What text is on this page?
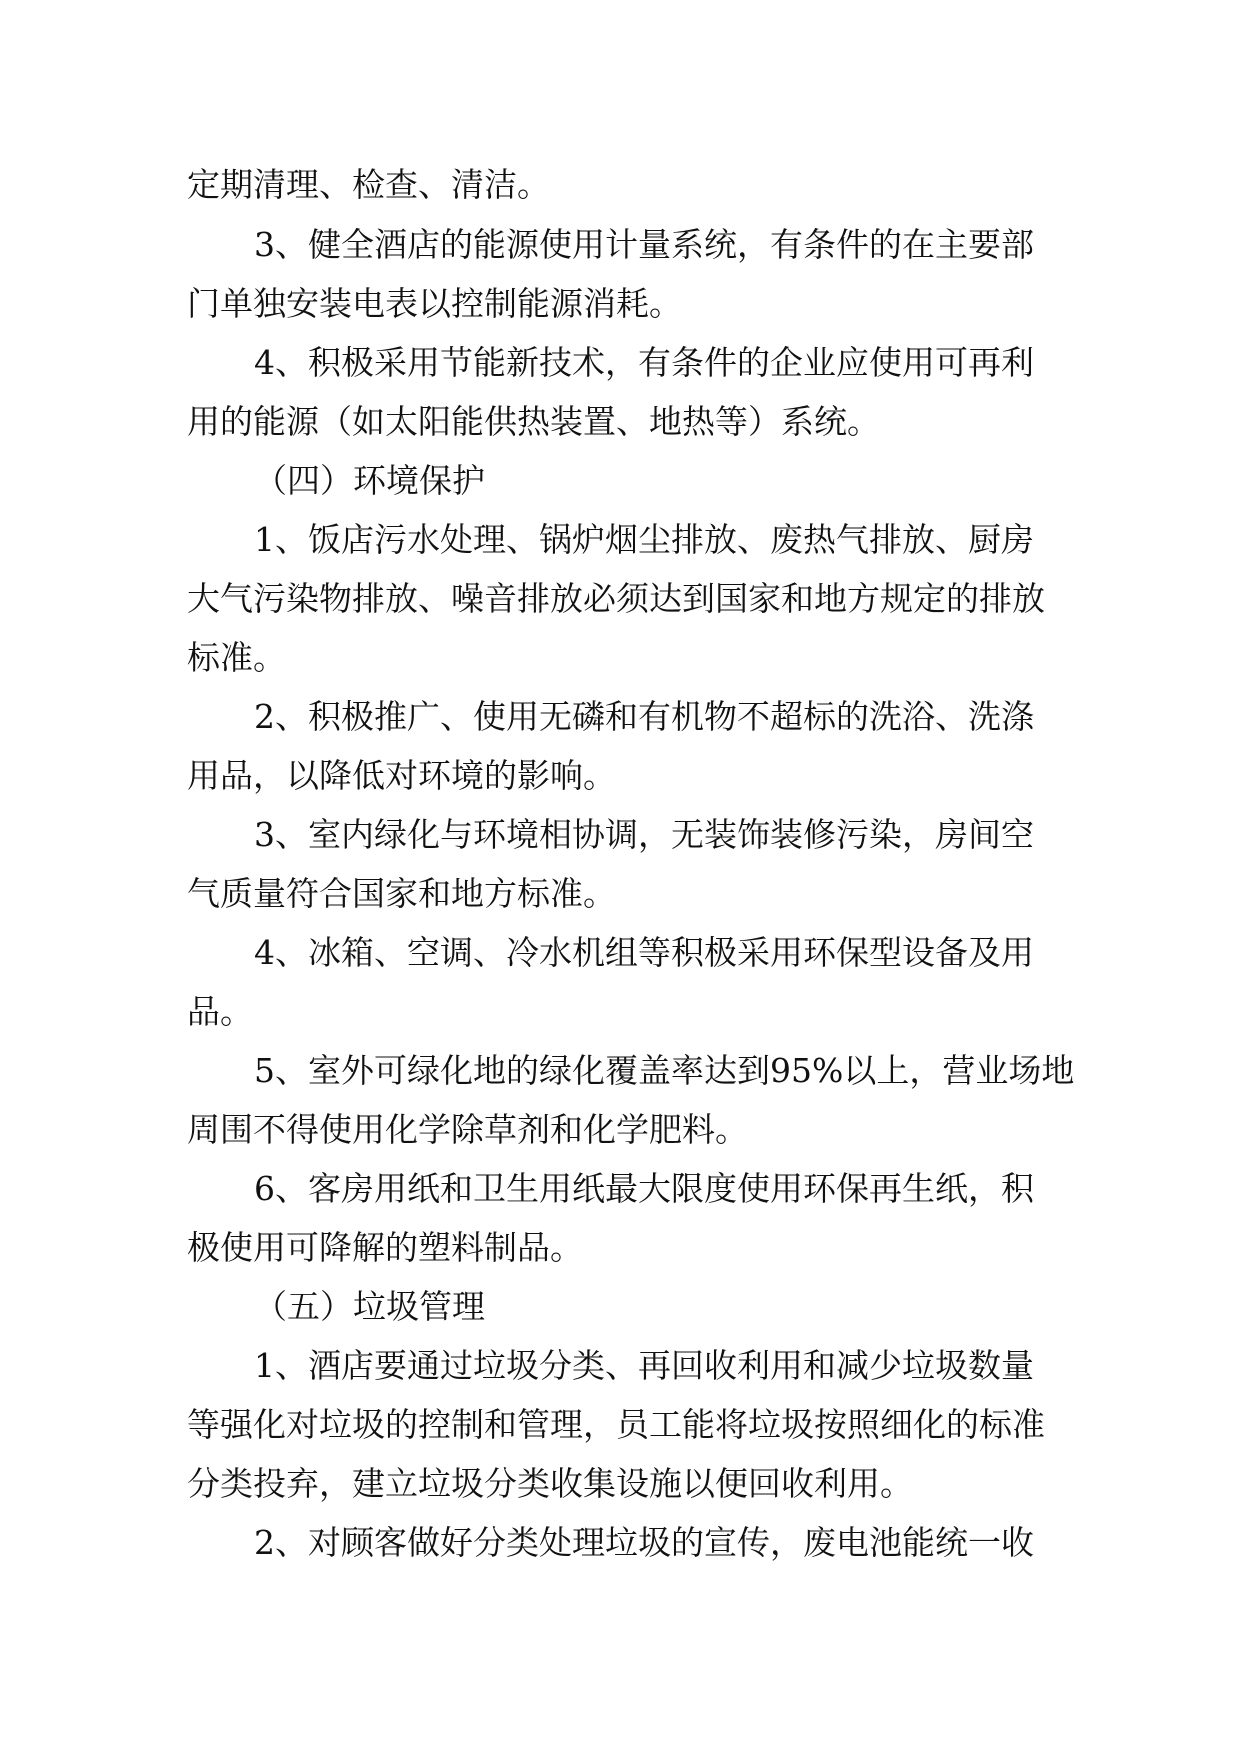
定期清理、检查、清洁。
3、健全酒店的能源使用计量系统，有条件的在主要部
门单独安装电表以控制能源消耗。
4、积极采用节能新技术，有条件的企业应使用可再利
用的能源（如太阳能供热装置、地热等）系统。
（四）环境保护
1、饭店污水处理、锅炉烟尘排放、废热气排放、厨房
大气污染物排放、噪音排放必须达到国家和地方规定的排放
标准。
2、积极推广、使用无磷和有机物不超标的洗浴、洗涤
用品，以降低对环境的影响。
3、室内绿化与环境相协调，无装饰装修污染，房间空
气质量符合国家和地方标准。
4、冰箱、空调、冷水机组等积极采用环保型设备及用
品。
5、室外可绿化地的绿化覆盖率达到95%以上，营业场地
周围不得使用化学除草剂和化学肥料。
6、客房用纸和卫生用纸最大限度使用环保再生纸，积
极使用可降解的塑料制品。
（五）垃圾管理
1、酒店要通过垃圾分类、再回收利用和减少垃圾数量
等强化对垃圾的控制和管理，员工能将垃圾按照细化的标准
分类投弃，建立垃圾分类收集设施以便回收利用。
2、对顾客做好分类处理垃圾的宣传，废电池能统一收
